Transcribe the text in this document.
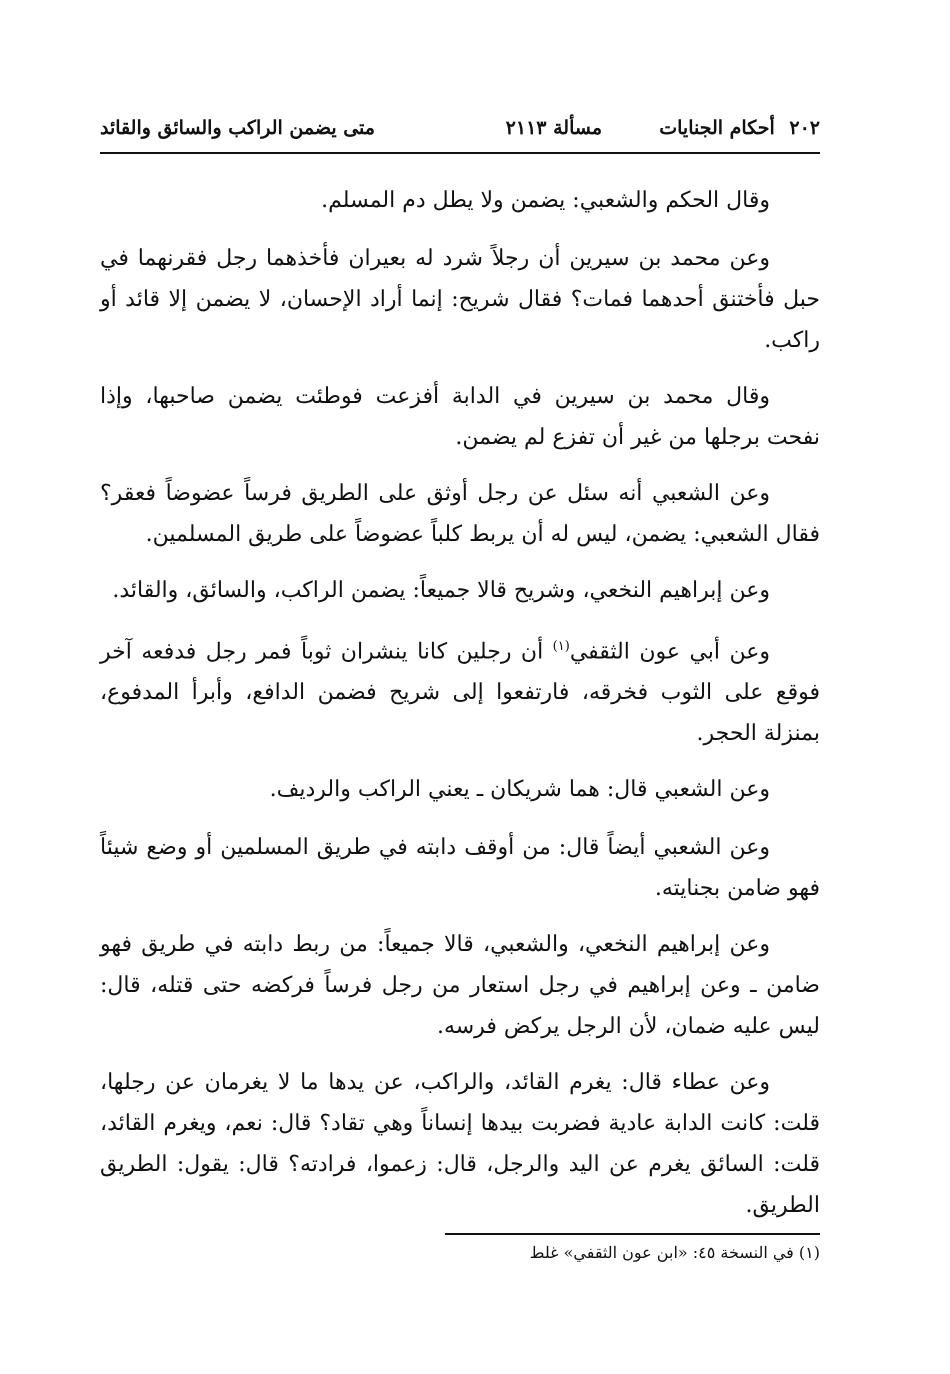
٢٠٢ أحكام الجنايات
مسألة ٢١١٣
متى يضمن الراكب والسائق والقائد

وقال الحكم والشعبي: يضمن ولا يطل دم المسلم.

وعن محمد بن سيرين أن رجلاً شرد له بعيران فأخذهما رجل فقرنهما في حبل فأختنق أحدهما فمات؟ فقال شريح: إنما أراد الإحسان، لا يضمن إلا قائد أو راكب.

وقال محمد بن سيرين في الدابة أفزعت فوطئت يضمن صاحبها، وإذا نفحت برجلها من غير أن تفزع لم يضمن.

وعن الشعبي أنه سئل عن رجل أوثق على الطريق فرساً عضوضاً فعقر؟ فقال الشعبي: يضمن، ليس له أن يربط كلباً عضوضاً على طريق المسلمين.

وعن إبراهيم النخعي، وشريح قالا جميعاً: يضمن الراكب، والسائق، والقائد.

وعن أبي عون الثقفي$^{(١)}$ أن رجلين كانا ينشران ثوباً فمر رجل فدفعه آخر فوقع على الثوب فخرقه، فارتفعوا إلى شريح فضمن الدافع، وأبرأ المدفوع، بمنزلة الحجر.

وعن الشعبي قال: هما شريكان ـ يعني الراكب والرديف.

وعن الشعبي أيضاً قال: من أوقف دابته في طريق المسلمين أو وضع شيئاً فهو ضامن بجنايته.

وعن إبراهيم النخعي، والشعبي، قالا جميعاً: من ربط دابته في طريق فهو ضامن ـ وعن إبراهيم في رجل استعار من رجل فرساً فركضه حتى قتله، قال: ليس عليه ضمان، لأن الرجل يركض فرسه.

وعن عطاء قال: يغرم القائد، والراكب، عن يدها ما لا يغرمان عن رجلها، قلت: كانت الدابة عادية فضربت بيدها إنساناً وهي تقاد؟ قال: نعم، ويغرم القائد، قلت: السائق يغرم عن اليد والرجل، قال: زعموا، فرادته؟ قال: يقول: الطريق الطريق.

(١) في النسخة ٤٥: «ابن عون الثقفي» غلط
